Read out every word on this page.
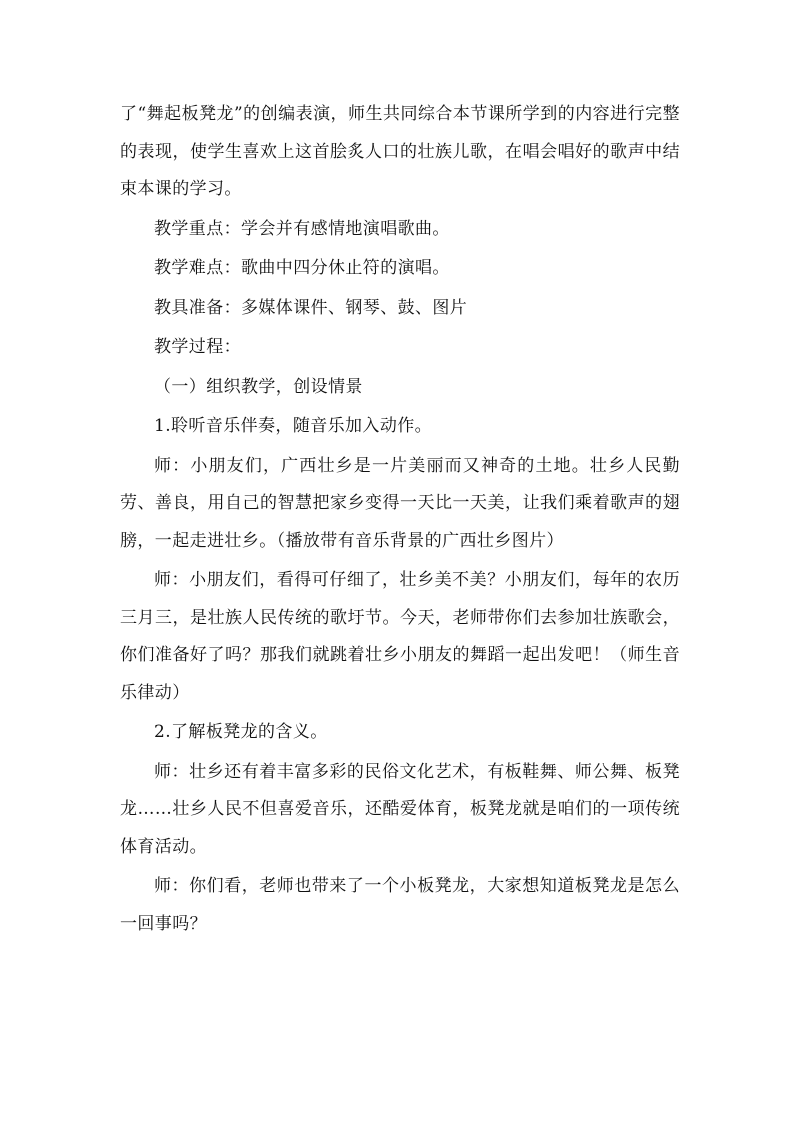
了“舞起板凳龙”的创编表演，师生共同综合本节课所学到的内容进行完整的表现，使学生喜欢上这首脍炙人口的壮族儿歌，在唱会唱好的歌声中结束本课的学习。

教学重点：学会并有感情地演唱歌曲。

教学难点：歌曲中四分休止符的演唱。

教具准备：多媒体课件、钢琴、鼓、图片

教学过程：

（一）组织教学，创设情景

1.聆听音乐伴奏，随音乐加入动作。

师：小朋友们，广西壮乡是一片美丽而又神奇的土地。壮乡人民勤劳、善良，用自己的智慧把家乡变得一天比一天美，让我们乘着歌声的翅膀，一起走进壮乡。（播放带有音乐背景的广西壮乡图片）

师：小朋友们，看得可仔细了，壮乡美不美？小朋友们，每年的农历三月三，是壮族人民传统的歌圩节。今天，老师带你们去参加壮族歌会，你们准备好了吗？那我们就跳着壮乡小朋友的舞蹈一起出发吧！（师生音乐律动）

2.了解板凳龙的含义。

师：壮乡还有着丰富多彩的民俗文化艺术，有板鞋舞、师公舞、板凳龙……壮乡人民不但喜爱音乐，还酷爱体育，板凳龙就是咱们的一项传统体育活动。

师：你们看，老师也带来了一个小板凳龙，大家想知道板凳龙是怎么一回事吗？
